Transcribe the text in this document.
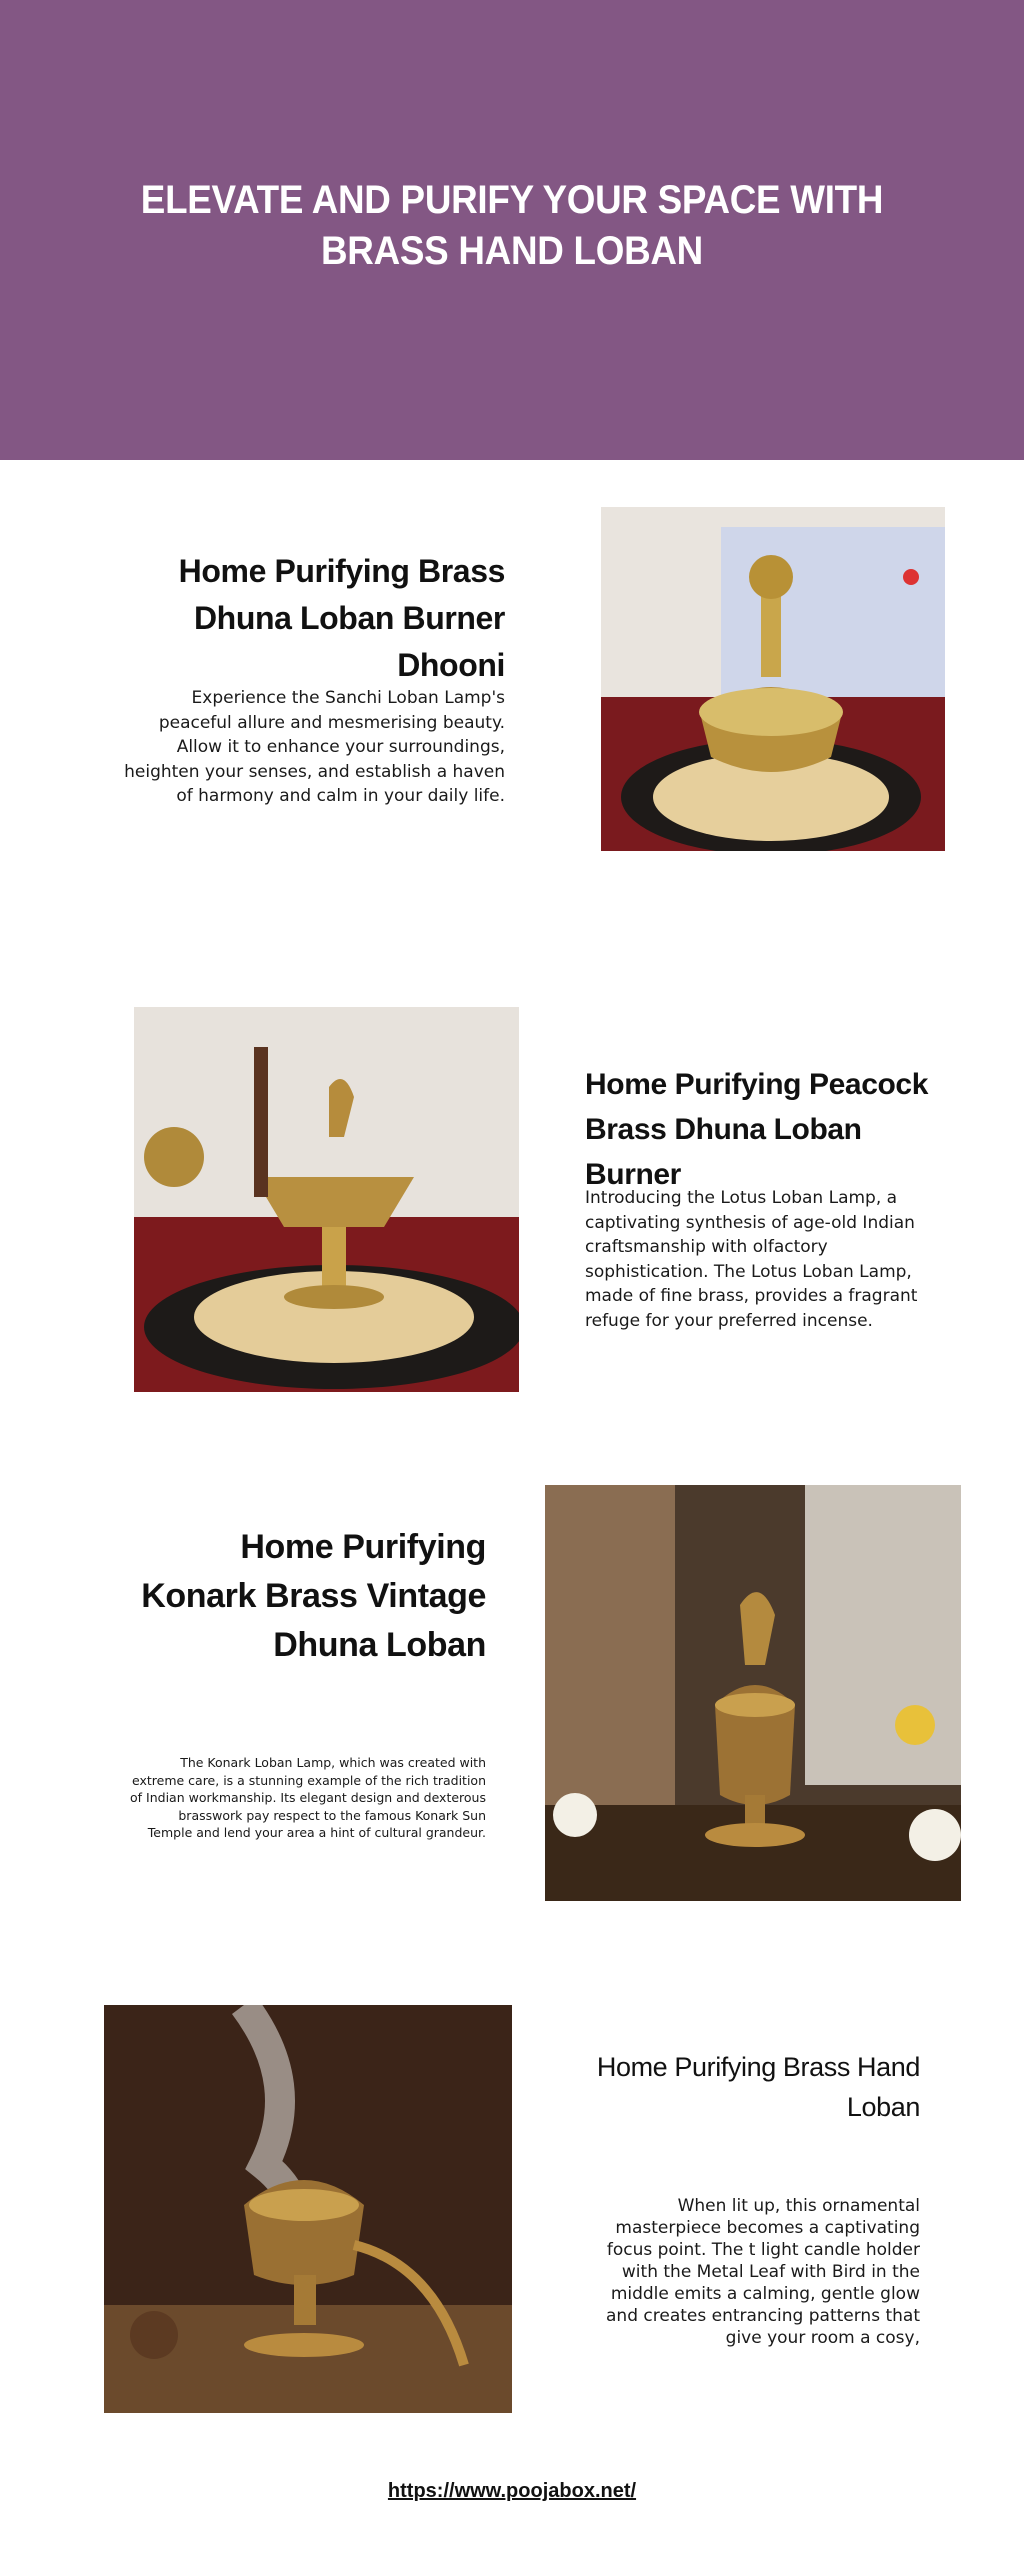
ELEVATE AND PURIFY YOUR SPACE WITH BRASS HAND LOBAN
Home Purifying Brass Dhuna Loban Burner Dhooni

Experience the Sanchi Loban Lamp's peaceful allure and mesmerising beauty. Allow it to enhance your surroundings, heighten your senses, and establish a haven of harmony and calm in your daily life.

Home Purifying Peacock Brass Dhuna Loban Burner

Introducing the Lotus Loban Lamp, a captivating synthesis of age-old Indian craftsmanship with olfactory sophistication. The Lotus Loban Lamp, made of fine brass, provides a fragrant refuge for your preferred incense.

Home Purifying Konark Brass Vintage Dhuna Loban

The Konark Loban Lamp, which was created with extreme care, is a stunning example of the rich tradition of Indian workmanship. Its elegant design and dexterous brasswork pay respect to the famous Konark Sun Temple and lend your area a hint of cultural grandeur.

Home Purifying Brass Hand Loban

When lit up, this ornamental masterpiece becomes a captivating focus point. The t light candle holder with the Metal Leaf with Bird in the middle emits a calming, gentle glow and creates entrancing patterns that give your room a cosy,

https://www.poojabox.net/
